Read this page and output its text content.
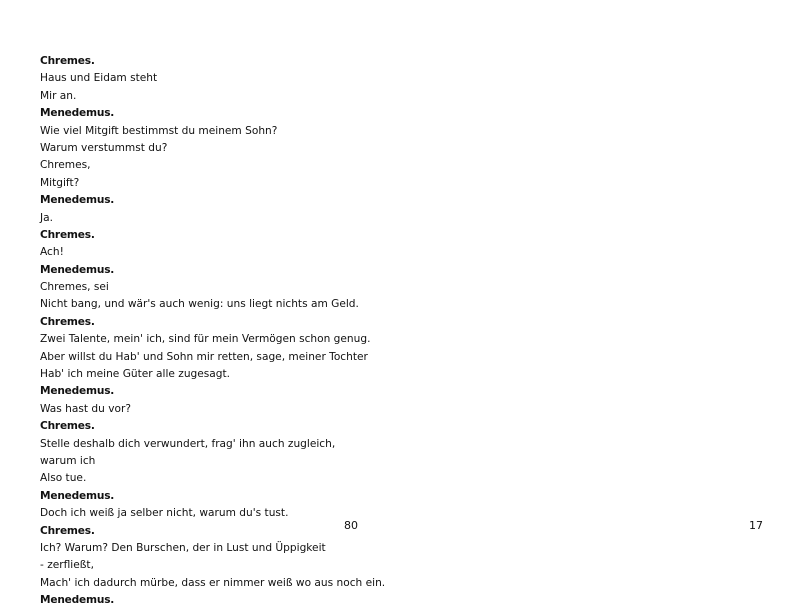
Chremes.
Haus und Eidam steht
Mir an.
Menedemus.
Wie viel Mitgift bestimmst du meinem Sohn?
Warum verstummst du?
Chremes,
Mitgift?
Menedemus.
Ja.
Chremes.
Ach!
Menedemus.
Chremes, sei
Nicht bang, und wär's auch wenig: uns liegt nichts am Geld.
Chremes.
Zwei Talente, mein' ich, sind für mein Vermögen schon genug.
Aber willst du Hab' und Sohn mir retten, sage, meiner Tochter
Hab' ich meine Güter alle zugesagt.
Menedemus.
Was hast du vor?
Chremes.
Stelle deshalb dich verwundert, frag' ihn auch zugleich,
warum ich
Also tue.
Menedemus.
Doch ich weiß ja selber nicht, warum du's tust.
Chremes.
Ich? Warum? Den Burschen, der in Lust und Üppigkeit
- zerfließt,
Mach' ich dadurch mürbe, dass er nimmer weiß wo aus noch ein.
Menedemus.
80	17
